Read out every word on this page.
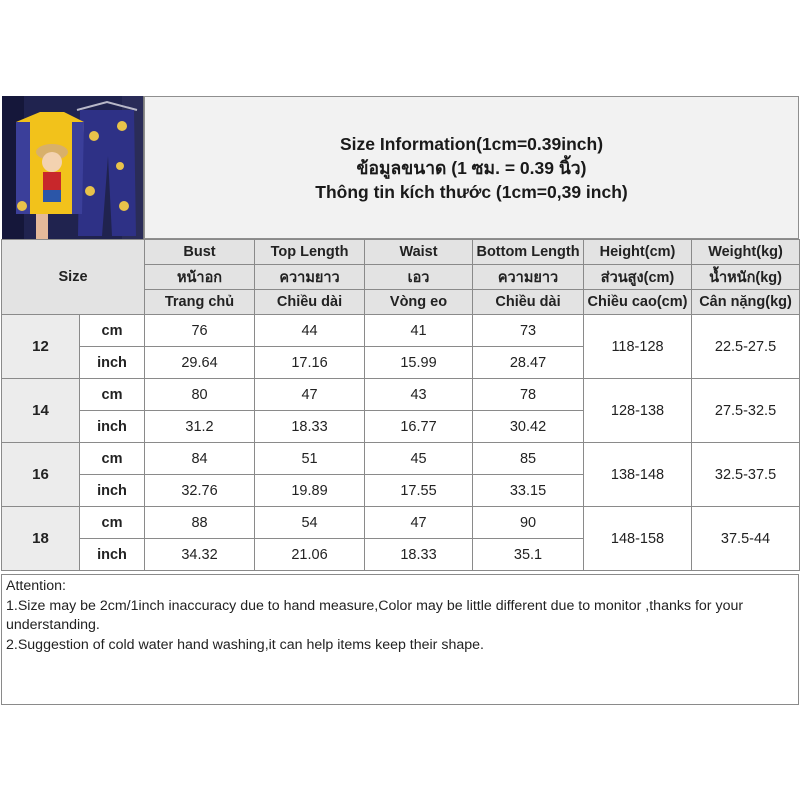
Size Information(1cm=0.39inch)
ข้อมูลขนาด (1 ซม. = 0.39 นิ้ว)
Thông tin kích thước (1cm=0,39 inch)
Size		Bust	Top Length	Waist	Bottom Length	Height(cm)	Weight(kg)
		หน้าอก	ความยาว	เอว	ความยาว	ส่วนสูง(cm)	น้ำหนัก(kg)
		Trang chủ	Chiều dài	Vòng eo	Chiều dài	Chiều cao(cm)	Cân nặng(kg)
12	cm	76	44	41	73	118-128	22.5-27.5
	inch	29.64	17.16	15.99	28.47		
14	cm	80	47	43	78	128-138	27.5-32.5
	inch	31.2	18.33	16.77	30.42		
16	cm	84	51	45	85	138-148	32.5-37.5
	inch	32.76	19.89	17.55	33.15		
18	cm	88	54	47	90	148-158	37.5-44
	inch	34.32	21.06	18.33	35.1		

Attention:

1.Size may be 2cm/1inch inaccuracy due to hand measure,Color may be little different due to monitor ,thanks for your understanding.

2.Suggestion of cold water hand washing,it can help items keep their shape.
